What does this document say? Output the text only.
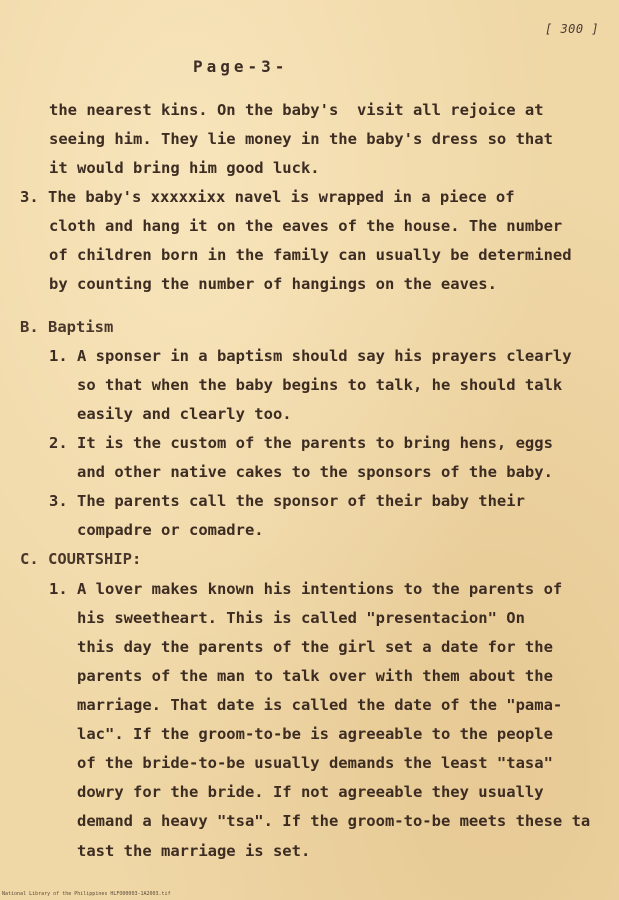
[ 300 ]
Page-3-
the nearest kins. On the baby's  visit all rejoice at
seeing him. They lie money in the baby's dress so that
it would bring him good luck.
3. The baby's xxxxxixx navel is wrapped in a piece of
cloth and hang it on the eaves of the house. The number
of children born in the family can usually be determined
by counting the number of hangings on the eaves.
B. Baptism
1. A sponser in a baptism should say his prayers clearly
so that when the baby begins to talk, he should talk
easily and clearly too.
2. It is the custom of the parents to bring hens, eggs
and other native cakes to the sponsors of the baby.
3. The parents call the sponsor of their baby their
compadre or comadre.
C. COURTSHIP:
1. A lover makes known his intentions to the parents of
his sweetheart. This is called "presentacion" On
this day the parents of the girl set a date for the
parents of the man to talk over with them about the
marriage. That date is called the date of the "pama-
lac". If the groom-to-be is agreeable to the people
of the bride-to-be usually demands the least "tasa"
dowry for the bride. If not agreeable they usually
demand a heavy "tsa". If the groom-to-be meets these ta
tast the marriage is set.
National Library of the Philippines HLFO00003-1A2003.tif
